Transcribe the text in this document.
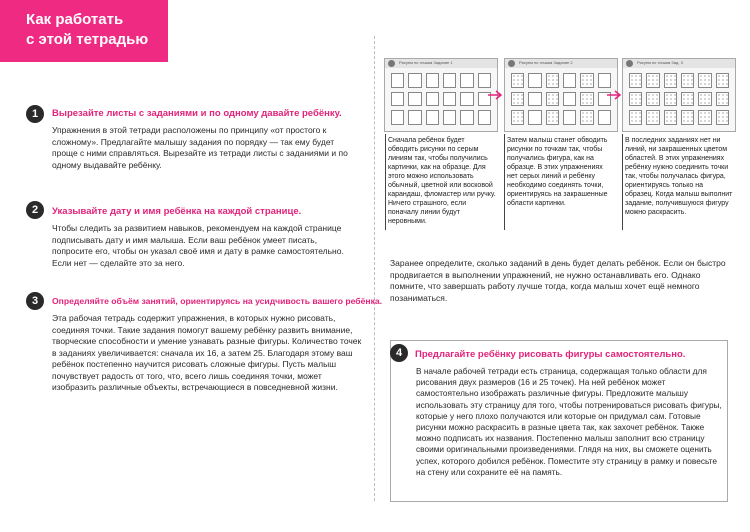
Как работать
с этой тетрадью
1	Вырезайте листы с заданиями и по одному давайте ребёнку.
Упражнения в этой тетради расположены по принципу «от простого к сложному». Предлагайте малышу задания по порядку — так ему будет проще с ними справляться. Вырезайте из тетради листы с заданиями и по одному выдавайте ребёнку.
2	Указывайте дату и имя ребёнка на каждой странице.
Чтобы следить за развитием навыков, рекомендуем на каждой странице подписывать дату и имя малыша. Если ваш ребёнок умеет писать, попросите его, чтобы он указал своё имя и дату в рамке самостоятельно. Если нет — сделайте это за него.
3	Определяйте объём занятий, ориентируясь на усидчивость вашего ребёнка.
Эта рабочая тетрадь содержит упражнения, в которых нужно рисовать, соединяя точки. Такие задания помогут вашему ребёнку развить внимание, творческие способности и умение узнавать разные фигуры. Количество точек в заданиях увеличивается: сначала их 16, а затем 25. Благодаря этому ваш ребёнок постепенно научится рисовать сложные фигуры. Пусть малыш почувствует радость от того, что, всего лишь соединяя точки, может изобразить различные объекты, встречающиеся в повседневной жизни.
Рисуем по точкам Задание 1	Рисуем по точкам Задание 2	Рисуем по точкам Зад. 3
Сначала ребёнок будет обводить рисунки по серым линиям так, чтобы получились картинки, как на образце. Для этого можно использовать обычный, цветной или восковой карандаш, фломастер или ручку. Ничего страшного, если поначалу линии будут неровными.
Затем малыш станет обводить рисунки по точкам так, чтобы получались фигура, как на образце. В этих упражнениях нет серых линий и ребёнку необходимо соединять точки, ориентируясь на закрашенные области картинки.
В последних заданиях нет ни линий, ни закрашенных цветом областей. В этих упражнениях ребёнку нужно соединить точки так, чтобы получалась фигура, ориентируясь только на образец. Когда малыш выполнит задание, получившуюся фигуру можно раскрасить.
Заранее определите, сколько заданий в день будет делать ребёнок. Если он быстро продвигается в выполнении упражнений, не нужно останавливать его. Однако помните, что завершать работу лучше тогда, когда малыш хочет ещё немного позаниматься.
4	Предлагайте ребёнку рисовать фигуры самостоятельно.
В начале рабочей тетради есть страница, содержащая только области для рисования двух размеров (16 и 25 точек). На ней ребёнок может самостоятельно изображать различные фигуры. Предложите малышу использовать эту страницу для того, чтобы потренироваться рисовать фигуры, которые у него плохо получаются или которые он придумал сам. Готовые рисунки можно раскрасить в разные цвета так, как захочет ребёнок. Также можно подписать их названия. Постепенно малыш заполнит всю страницу своими оригинальными произведениями. Глядя на них, вы сможете оценить успех, которого добился ребёнок. Поместите эту страницу в рамку и повесьте на стену или сохраните её на память.
